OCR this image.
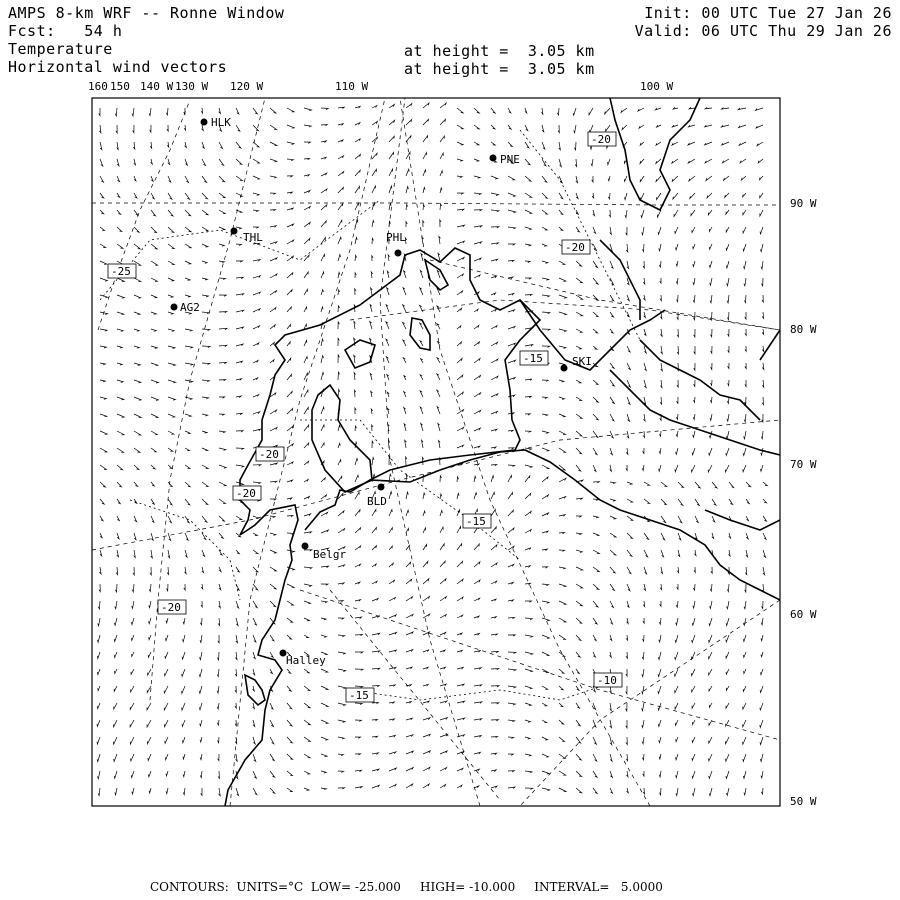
AMPS 8-km WRF -- Ronne Window
Fcst: 54 h
Temperature
Horizontal wind vectors
at height =  3.05 km
at height =  3.05 km
Init: 00 UTC Tue 27 Jan 26
Valid: 06 UTC Thu 29 Jan 26
160 150 140 W 130 W 120 W	110 W	100 W
90 W
80 W
70 W
60 W
50 W
-25
-20
-20
-20
-20
-20
-15
-15
-15
-10
HLK
PNE
THL	PHL
AG2
SKI
BLD
Belgr
Halley
CONTOURS: UNITS=°C LOW= -25.000 HIGH= -10.000 INTERVAL=   5.0000
